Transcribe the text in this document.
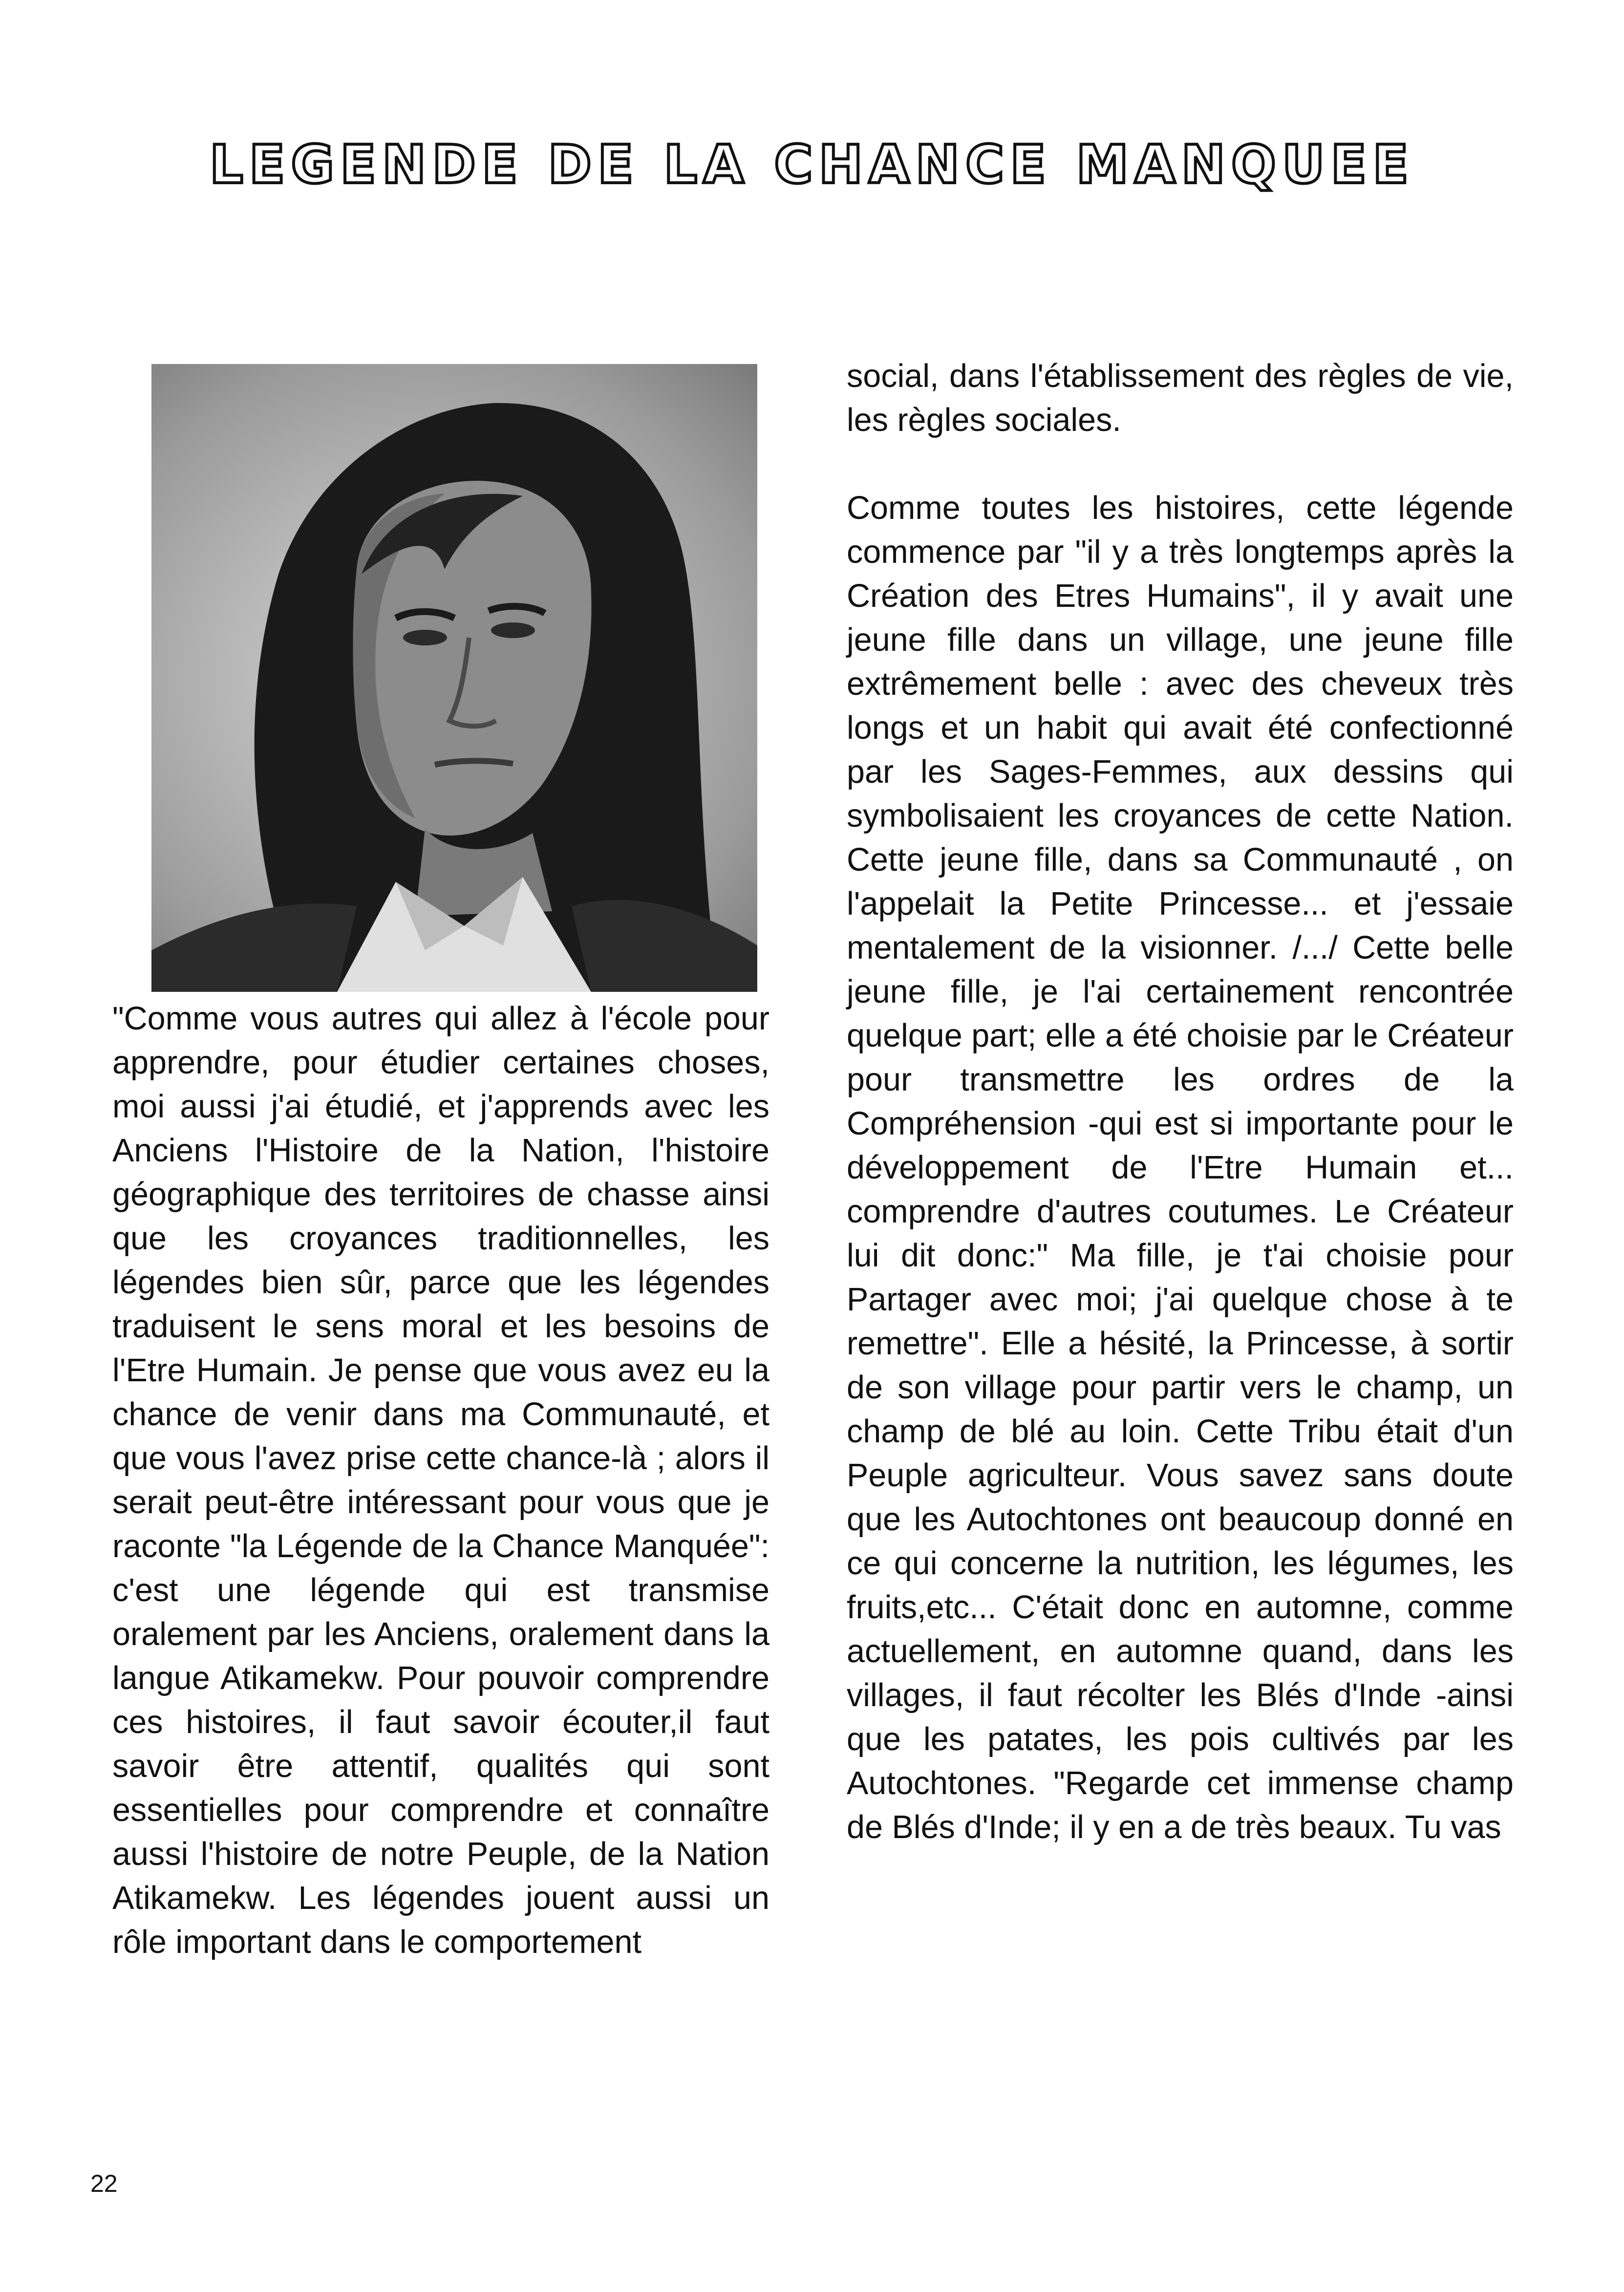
LEGENDE DE LA CHANCE MANQUEE

"Comme vous autres qui allez à l'école pour apprendre, pour étudier certaines choses, moi aussi j'ai étudié, et j'apprends avec les Anciens l'Histoire de la Nation, l'histoire géographique des territoires de chasse ainsi que les croyances traditionnelles, les légendes bien sûr, parce que les légendes traduisent le sens moral et les besoins de l'Etre Humain. Je pense que vous avez eu la chance de venir dans ma Communauté, et que vous l'avez prise cette chance-là ; alors il serait peut-être intéressant pour vous que je raconte "la Légende de la Chance Manquée": c'est une légende qui est transmise oralement par les Anciens, oralement dans la langue Atikamekw. Pour pouvoir comprendre ces histoires, il faut savoir écouter,il faut savoir être attentif, qualités qui sont essentielles pour comprendre et connaître aussi l'histoire de notre Peuple, de la Nation Atikamekw. Les légendes jouent aussi un rôle important dans le comportement

social, dans l'établissement des règles de vie, les règles sociales.

Comme toutes les histoires, cette légende commence par "il y a très longtemps après la Création des Etres Humains", il y avait une jeune fille dans un village, une jeune fille extrêmement belle : avec des cheveux très longs et un habit qui avait été confectionné par les Sages-Femmes, aux dessins qui symbolisaient les croyances de cette Nation. Cette jeune fille, dans sa Communauté , on l'appelait la Petite Princesse... et j'essaie mentalement de la visionner. /.../ Cette belle jeune fille, je l'ai certainement rencontrée quelque part; elle a été choisie par le Créateur pour transmettre les ordres de la Compréhension -qui est si importante pour le développement de l'Etre Humain et... comprendre d'autres coutumes. Le Créateur lui dit donc:" Ma fille, je t'ai choisie pour Partager avec moi; j'ai quelque chose à te remettre". Elle a hésité, la Princesse, à sortir de son village pour partir vers le champ, un champ de blé au loin. Cette Tribu était d'un Peuple agriculteur. Vous savez sans doute que les Autochtones ont beaucoup donné en ce qui concerne la nutrition, les légumes, les fruits,etc... C'était donc en automne, comme actuellement, en automne quand, dans les villages, il faut récolter les Blés d'Inde -ainsi que les patates, les pois cultivés par les Autochtones. "Regarde cet immense champ de Blés d'Inde; il y en a de très beaux. Tu vas

22
